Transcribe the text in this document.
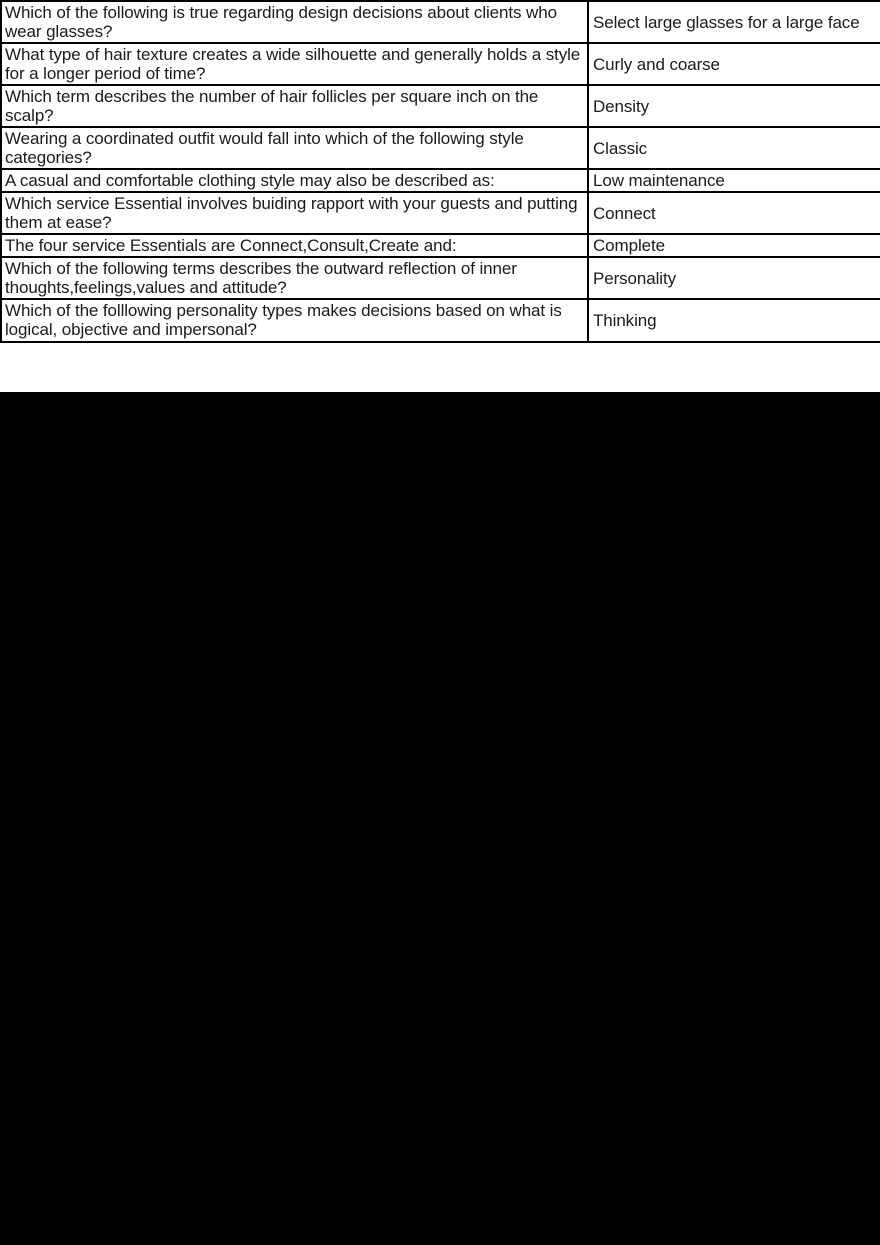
Which of the following is true regarding design decisions about clients who wear glasses?	Select large glasses for a large face
What type of hair texture creates a wide silhouette and generally holds a style for a longer period of time?	Curly and coarse
Which term describes the number of hair follicles per square inch on the scalp?	Density
Wearing a coordinated outfit would fall into which of the following style categories?	Classic
A casual and comfortable clothing style may also be described as:	Low maintenance
Which service Essential involves buiding rapport with your guests and putting them at ease?	Connect
The four service Essentials are Connect,Consult,Create and:	Complete
Which of the following terms describes the outward reflection of inner thoughts,feelings,values and attitude?	Personality
Which of the folllowing personality types makes decisions based on what is logical, objective and impersonal?	Thinking
